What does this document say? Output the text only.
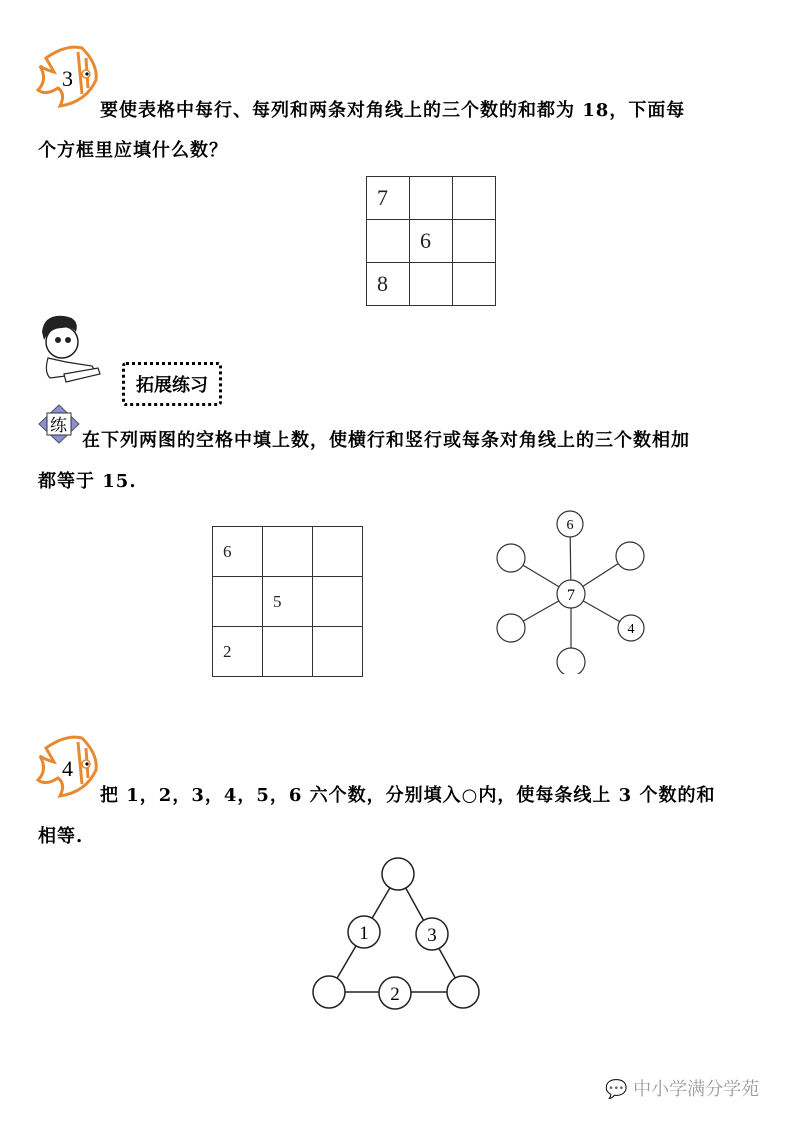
3
要使表格中每行、每列和两条对角线上的三个数的和都为 18，下面每
个方框里应填什么数？
7		
	6	
8		
拓展练习
练
在下列两图的空格中填上数，使横行和竖行或每条对角线上的三个数相加
都等于 15.
6		
	5	
2		
6
7
4
4
把 1，2，3，4，5，6 六个数，分别填入○内，使每条线上 3 个数的和
相等.
1	3
2
💬 中小学满分学苑
